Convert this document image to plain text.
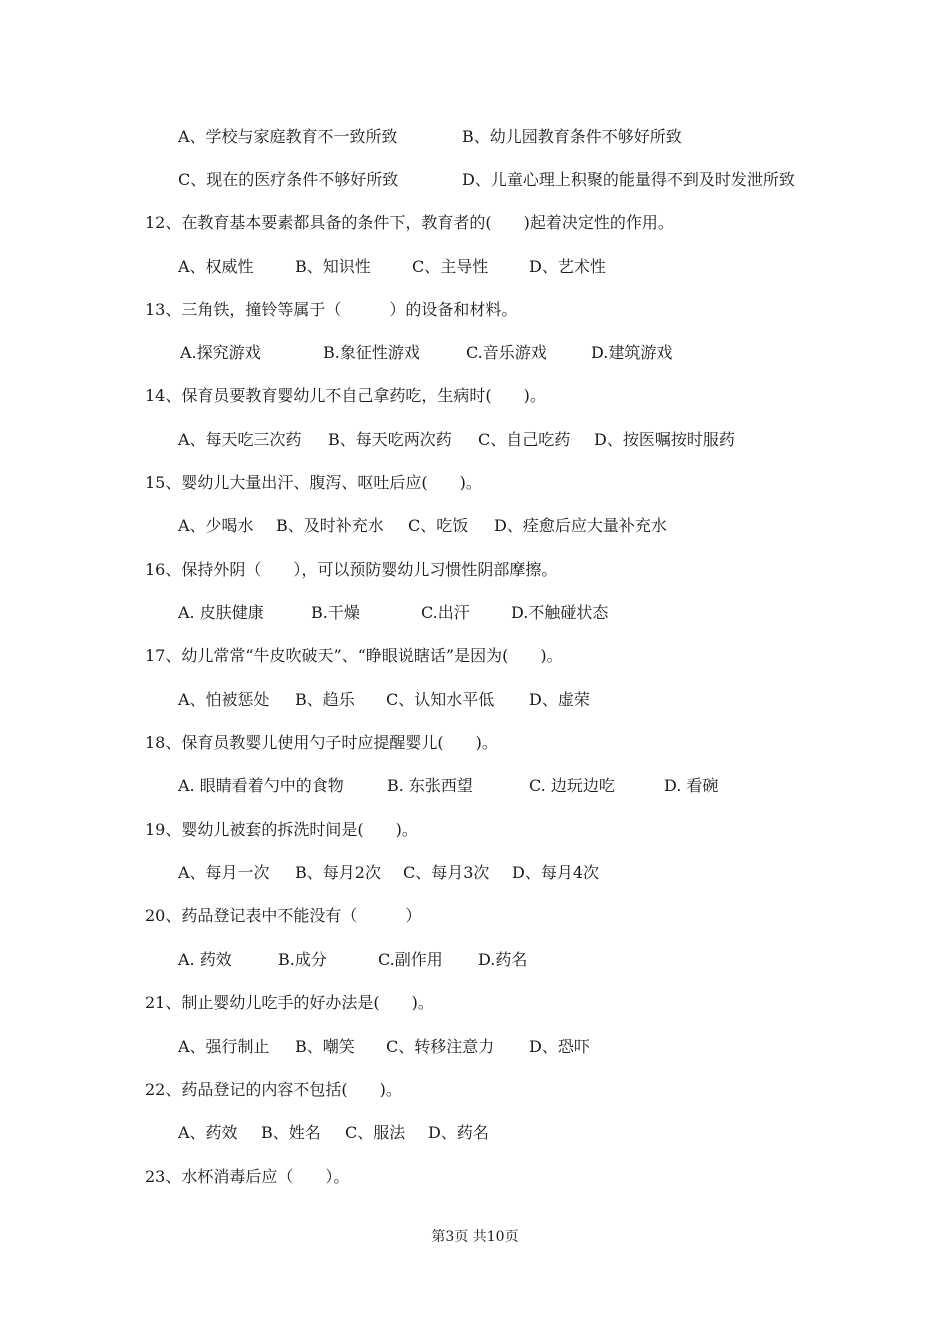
A、学校与家庭教育不一致所致	B、幼儿园教育条件不够好所致
C、现在的医疗条件不够好所致	D、儿童心理上积聚的能量得不到及时发泄所致
12、在教育基本要素都具备的条件下，教育者的(　　)起着决定性的作用。
A、权威性	B、知识性	C、主导性	D、艺术性
13、三角铁，撞铃等属于（　　　）的设备和材料。
A.探究游戏	B.象征性游戏	C.音乐游戏	D.建筑游戏
14、保育员要教育婴幼儿不自己拿药吃，生病时(　　)。
A、每天吃三次药 B、每天吃两次药 C、自己吃药 D、按医嘱按时服药
15、婴幼儿大量出汗、腹泻、呕吐后应(　　)。
A、少喝水 B、及时补充水 C、吃饭 D、痊愈后应大量补充水
16、保持外阴（　　），可以预防婴幼儿习惯性阴部摩擦。
A. 皮肤健康	B.干燥	C.出汗	D.不触碰状态
17、幼儿常常“牛皮吹破天”、“睁眼说瞎话”是因为(　　)。
A、怕被惩处 B、趋乐 C、认知水平低 D、虚荣
18、保育员教婴儿使用勺子时应提醒婴儿(　　)。
A. 眼睛看着勺中的食物	B. 东张西望	C. 边玩边吃	D. 看碗
19、婴幼儿被套的拆洗时间是(　　)。
A、每月一次 B、每月2次 C、每月3次 D、每月4次
20、药品登记表中不能没有（　　　）
A. 药效	B.成分	C.副作用 D.药名
21、制止婴幼儿吃手的好办法是(　　)。
A、强行制止 B、嘲笑 C、转移注意力 D、恐吓
22、药品登记的内容不包括(　　)。
A、药效 B、姓名 C、服法 D、药名
23、水杯消毒后应（　　）。
第3页 共10页
